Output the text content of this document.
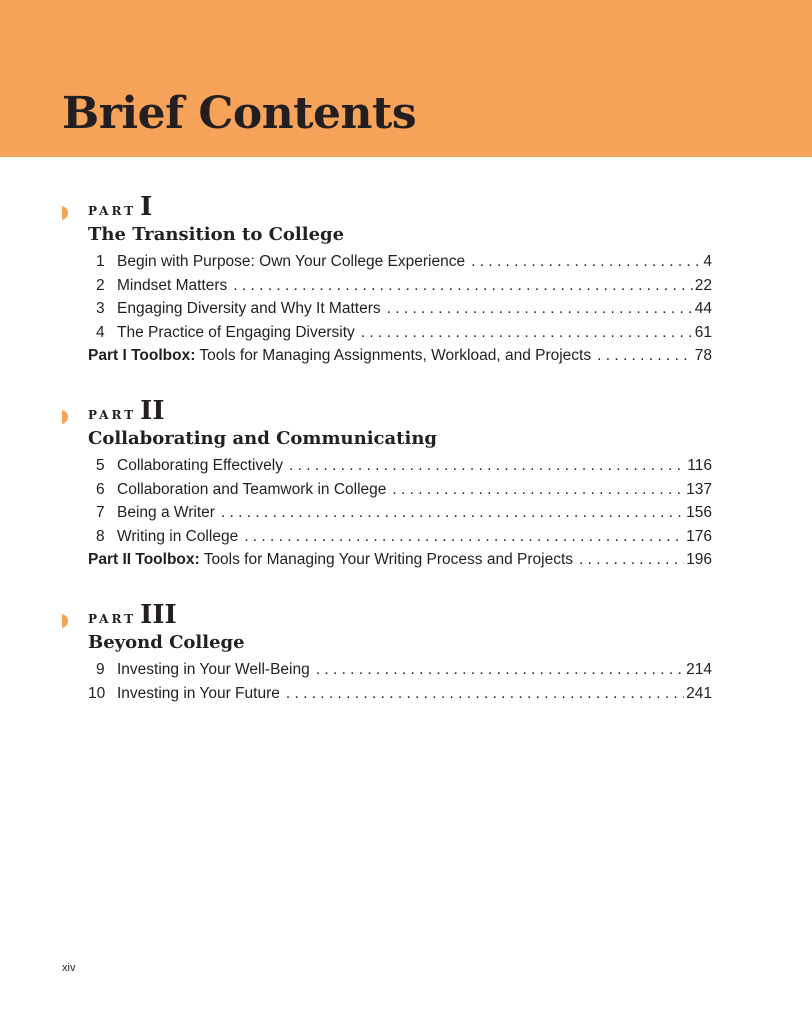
Brief Contents
PART I
The Transition to College
1 Begin with Purpose: Own Your College Experience . . .	4
2 Mindset Matters . . .	22
3 Engaging Diversity and Why It Matters . . .	44
4 The Practice of Engaging Diversity . . .	61
Part I Toolbox: Tools for Managing Assignments, Workload, and Projects . . .	78
PART II
Collaborating and Communicating
5 Collaborating Effectively . . .	116
6 Collaboration and Teamwork in College . . .	137
7 Being a Writer . . .	156
8 Writing in College . . .	176
Part II Toolbox: Tools for Managing Your Writing Process and Projects . . .	196
PART III
Beyond College
9 Investing in Your Well-Being . . .	214
10 Investing in Your Future . . .	241
xiv
